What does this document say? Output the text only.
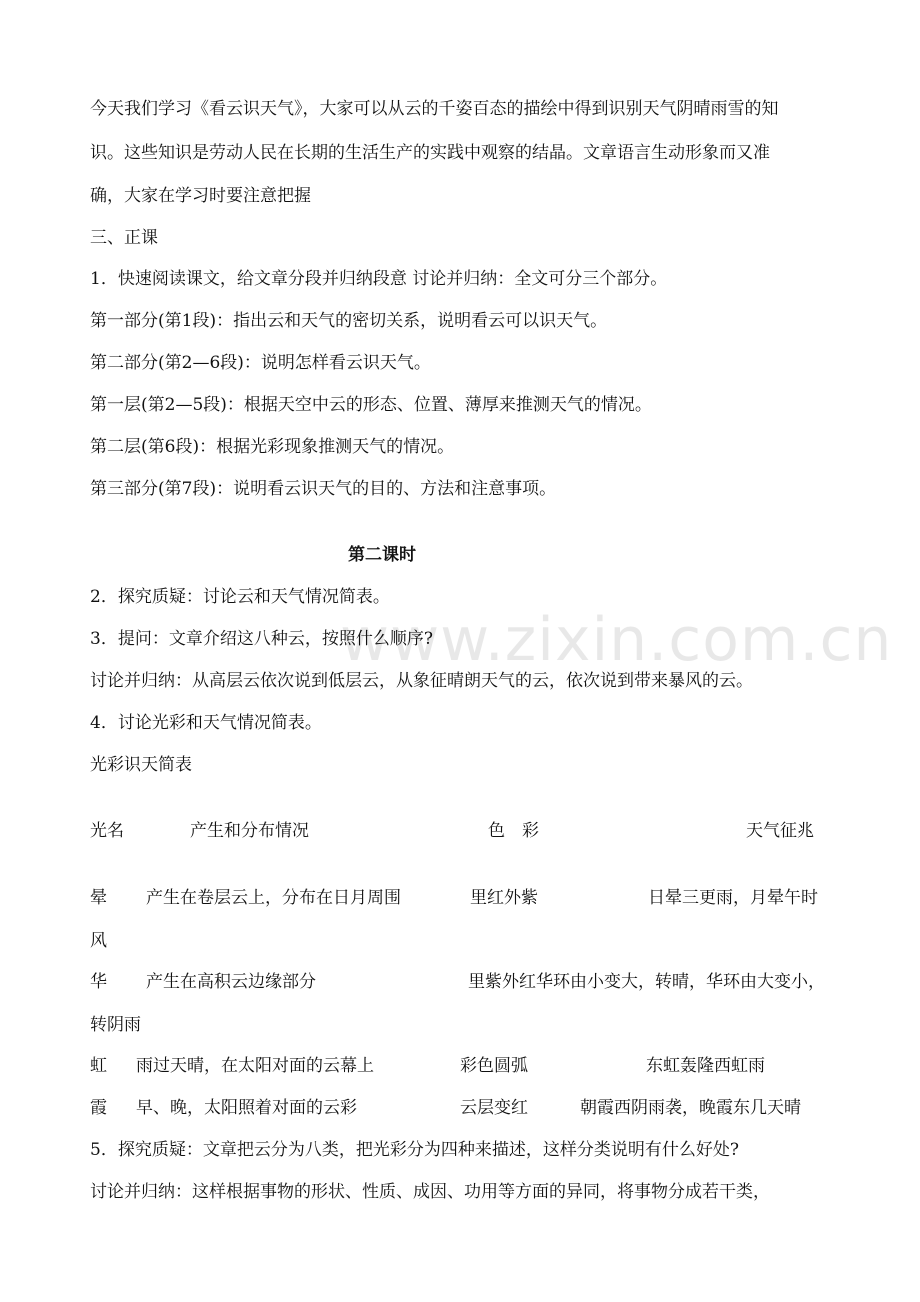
今天我们学习《看云识天气》，大家可以从云的千姿百态的描绘中得到识别天气阴晴雨雪的知

识。这些知识是劳动人民在长期的生活生产的实践中观察的结晶。文章语言生动形象而又准

确，大家在学习时要注意把握

三、正课

1．快速阅读课文，给文章分段并归纳段意 讨论并归纳：全文可分三个部分。

第一部分(第1段)：指出云和天气的密切关系，说明看云可以识天气。

第二部分(第2—6段)：说明怎样看云识天气。

第一层(第2—5段)：根据天空中云的形态、位置、薄厚来推测天气的情况。

第二层(第6段)：根据光彩现象推测天气的情况。

第三部分(第7段)：说明看云识天气的目的、方法和注意事项。

第二课时

2．探究质疑：讨论云和天气情况简表。

3．提问：文章介绍这八种云，按照什么顺序?

讨论并归纳：从高层云依次说到低层云，从象征晴朗天气的云，依次说到带来暴风的云。

4．讨论光彩和天气情况简表。

光彩识天简表

光名	产生和分布情况	色　彩	天气征兆
晕 产生在卷层云上，分布在日月周围	里红外紫	日晕三更雨，月晕午时
风
华 产生在高积云边缘部分	里紫外红 华环由小变大，转晴，华环由大变小，
转阴雨
虹 雨过天晴，在太阳对面的云幕上	彩色圆弧	东虹轰隆西虹雨
霞 早、晚，太阳照着对面的云彩	云层变红	朝霞西阴雨袭，晚霞东几天晴

5．探究质疑：文章把云分为八类，把光彩分为四种来描述，这样分类说明有什么好处?

讨论并归纳：这样根据事物的形状、性质、成因、功用等方面的异同，将事物分成若干类，

www.zixin.com.cn
